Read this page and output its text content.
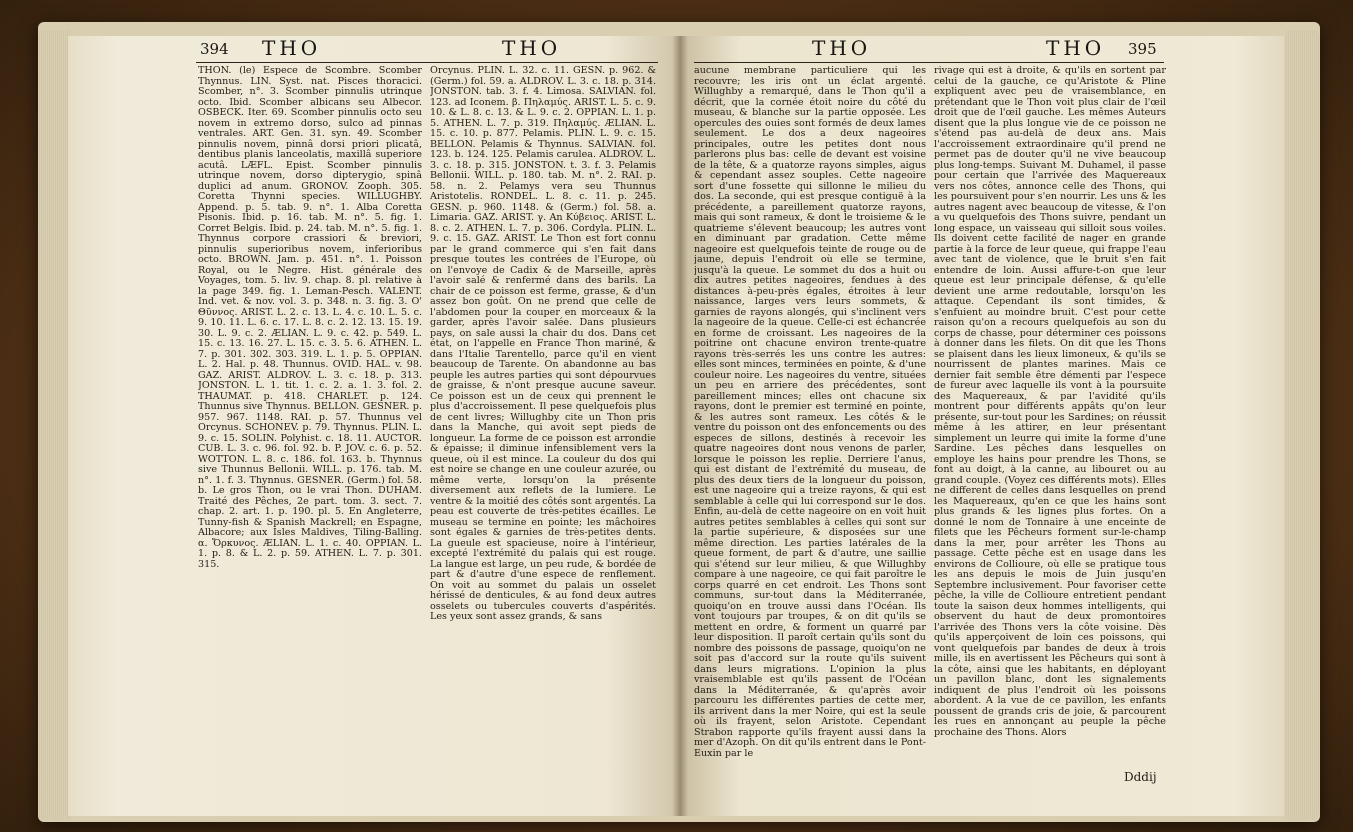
394 THO	THO

THON. (le) Espece de Scombre. Scomber Thynnus. LIN. Syst. nat. Pisces thoracici. Scomber, n°. 3. Scomber pinnulis utrinque octo. Ibid. Scomber albicans seu Albecor. OSBECK. Iter. 69. Scomber pinnulis octo seu novem in extremo dorso, sulco ad pinnas ventrales. ART. Gen. 31. syn. 49. Scomber pinnulis novem, pinnâ dorsi priori plicatâ, dentibus planis lanceolatis, maxillâ superiore acutâ. LÆFL. Epist. Scomber pinnulis utrinque novem, dorso dipterygio, spinâ duplici ad anum. GRONOV. Zooph. 305. Coretta Thynni species. WILLUGHBY. Append. p. 5. tab. 9. n°. 1. Alba Coretta Pisonis. Ibid. p. 16. tab. M. n°. 5. fig. 1. Corret Belgis. Ibid. p. 24. tab. M. n°. 5. fig. 1. Thynnus corpore crassiori & breviori, pinnulis superioribus novem, inferioribus octo. BROWN. Jam. p. 451. n°. 1. Poisson Royal, ou le Negre. Hist. générale des Voyages, tom. 5. liv. 9. chap. 8. pl. relative à la page 349. fig. 1. Leman-Pesch. VALENT. Ind. vet. & nov. vol. 3. p. 348. n. 3. fig. 3. O' Θῦννος. ARIST. L. 2. c. 13. L. 4. c. 10. L. 5. c. 9. 10. 11. L. 6. c. 17. L. 8. c. 2. 12. 13. 15. 19. 30. L. 9. c. 2. ÆLIAN. L. 9. c. 42. p. 549. L. 15. c. 13. 16. 27. L. 15. c. 3. 5. 6. ATHEN. L. 7. p. 301. 302. 303. 319. L. 1. p. 5. OPPIAN. L. 2. Hal. p. 48. Thunnus. OVID. HAL. v. 98. GAZ. ARIST. ALDROV. L. 3. c. 18. p. 313. JONSTON. L. 1. tit. 1. c. 2. a. 1. 3. fol. 2. THAUMAT. p. 418. CHARLET. p. 124. Thunnus sive Thynnus. BELLON. GESNER. p. 957. 967. 1148. RAI. p. 57. Thunnus vel Orcynus. SCHONEV. p. 79. Thynnus. PLIN. L. 9. c. 15. SOLIN. Polyhist. c. 18. 11. AUCTOR. CUB. L. 3. c. 96. fol. 92. b. P. JOV. c. 6. p. 52. WOTTON. L. 8. c. 186. fol. 163. b. Thynnus sive Thunnus Bellonii. WILL. p. 176. tab. M. n°. 1. f. 3. Thynnus. GESNER. (Germ.) fol. 58. b. Le gros Thon, ou le vrai Thon. DUHAM. Traité des Pêches, 2e part. tom. 3. sect. 7. chap. 2. art. 1. p. 190. pl. 5. En Angleterre, Tunny-fish & Spanish Mackrell; en Espagne, Albacore; aux Isles Maldives, Tiling-Balling. α. Ὄρκυνος. ÆLIAN. L. 1. c. 40. OPPIAN. L. 1. p. 8. & L. 2. p. 59. ATHEN. L. 7. p. 301. 315.

Orcynus. PLIN. L. 32. c. 11. GESN. p. 962. & (Germ.) fol. 59. a. ALDROV. L. 3. c. 18. p. 314. JONSTON. tab. 3. f. 4. Limosa. SALVIAN. fol. 123. ad Iconem. β. Πηλαμύς. ARIST. L. 5. c. 9. 10. & L. 8. c. 13. & L. 9. c. 2. OPPIAN. L. 1. p. 5. ATHEN. L. 7. p. 319. Πηλαμύς. ÆLIAN. L. 15. c. 10. p. 877. Pelamis. PLIN. L. 9. c. 15. BELLON. Pelamis & Thynnus. SALVIAN. fol. 123. b. 124. 125. Pelamis carulea. ALDROV. L. 3. c. 18. p. 315. JONSTON. t. 3. f. 3. Pelamis Bellonii. WILL. p. 180. tab. M. n°. 2. RAI. p. 58. n. 2. Pelamys vera seu Thunnus Aristotelis. RONDEL. L. 8. c. 11. p. 245. GESN. p. 960. 1148. & (Germ.) fol. 58. a. Limaria. GAZ. ARIST. γ. An Κύβειος. ARIST. L. 8. c. 2. ATHEN. L. 7. p. 306. Cordyla. PLIN. L. 9. c. 15. GAZ. ARIST. Le Thon est fort connu par le grand commerce qui s'en fait dans presque toutes les contrées de l'Europe, où on l'envoye de Cadix & de Marseille, après l'avoir salé & renfermé dans des barils. La chair de ce poisson est ferme, grasse, & d'un assez bon goût. On ne prend que celle de l'abdomen pour la couper en morceaux & la garder, après l'avoir salée. Dans plusieurs pays, on sale aussi la chair du dos. Dans cet état, on l'appelle en France Thon mariné, & dans l'Italie Tarentello, parce qu'il en vient beaucoup de Tarente. On abandonne au bas peuple les autres parties qui sont dépourvues de graisse, & n'ont presque aucune saveur. Ce poisson est un de ceux qui prennent le plus d'accroissement. Il pese quelquefois plus de cent livres; Willughby cite un Thon pris dans la Manche, qui avoit sept pieds de longueur. La forme de ce poisson est arrondie & épaisse; il diminue infensiblement vers la queue, où il est mince. La couleur du dos qui est noire se change en une couleur azurée, ou même verte, lorsqu'on la présente diversement aux reflets de la lumiere. Le ventre & la moitié des côtés sont argentés. La peau est couverte de très-petites écailles. Le museau se termine en pointe; les mâchoires sont égales & garnies de très-petites dents. La gueule est spacieuse, noire à l'intérieur, excepté l'extrémité du palais qui est rouge. La langue est large, un peu rude, & bordée de part & d'autre d'une espece de renflement. On voit au sommet du palais un osselet hérissé de denticules, & au fond deux autres osselets ou tubercules couverts d'aspérités. Les yeux sont assez grands, & sans

THO	THO 395

aucune membrane particuliere qui les recouvre; les iris ont un éclat argenté. Willughby a remarqué, dans le Thon qu'il a décrit, que la cornée étoit noire du côté du museau, & blanche sur la partie opposée. Les opercules des ouies sont formés de deux lames seulement. Le dos a deux nageoires principales, outre les petites dont nous parlerons plus bas: celle de devant est voisine de la tête, & a quatorze rayons simples, aigus & cependant assez souples. Cette nageoire sort d'une fossette qui sillonne le milieu du dos. La seconde, qui est presque contiguë à la précédente, a pareillement quatorze rayons, mais qui sont rameux, & dont le troisieme & le quatrieme s'élevent beaucoup; les autres vont en diminuant par gradation. Cette même nageoire est quelquefois teinte de rouge ou de jaune, depuis l'endroit où elle se termine, jusqu'à la queue. Le sommet du dos a huit ou dix autres petites nageoires, fendues à des distances à-peu-près égales, étroites à leur naissance, larges vers leurs sommets, & garnies de rayons alongés, qui s'inclinent vers la nageoire de la queue. Celle-ci est échancrée en forme de croissant. Les nageoires de la poitrine ont chacune environ trente-quatre rayons très-serrés les uns contre les autres: elles sont minces, terminées en pointe, & d'une couleur noire. Les nageoires du ventre, situées un peu en arriere des précédentes, sont pareillement minces; elles ont chacune six rayons, dont le premier est terminé en pointe, & les autres sont rameux. Les côtés & le ventre du poisson ont des enfoncements ou des especes de sillons, destinés à recevoir les quatre nageoires dont nous venons de parler, lorsque le poisson les replie. Derriere l'anus, qui est distant de l'extrémité du museau, de plus des deux tiers de la longueur du poisson, est une nageoire qui a treize rayons, & qui est semblable à celle qui lui correspond sur le dos. Enfin, au-delà de cette nageoire on en voit huit autres petites semblables à celles qui sont sur la partie supérieure, & disposées sur une même direction. Les parties latérales de la queue forment, de part & d'autre, une saillie qui s'étend sur leur milieu, & que Willughby compare à une nageoire, ce qui fait paroître le corps quarré en cet endroit. Les Thons sont communs, sur-tout dans la Méditerranée, quoiqu'on en trouve aussi dans l'Océan. Ils vont toujours par troupes, & on dit qu'ils se mettent en ordre, & forment un quarré par leur disposition. Il paroît certain qu'ils sont du nombre des poissons de passage, quoiqu'on ne soit pas d'accord sur la route qu'ils suivent dans leurs migrations. L'opinion la plus vraisemblable est qu'ils passent de l'Océan dans la Méditerranée, & qu'après avoir parcouru les différentes parties de cette mer, ils arrivent dans la mer Noire, qui est la seule où ils frayent, selon Aristote. Cependant Strabon rapporte qu'ils frayent aussi dans la mer d'Azoph. On dit qu'ils entrent dans le Pont-Euxin par le

rivage qui est à droite, & qu'ils en sortent par celui de la gauche, ce qu'Aristote & Pline expliquent avec peu de vraisemblance, en prétendant que le Thon voit plus clair de l'œil droit que de l'œil gauche. Les mêmes Auteurs disent que la plus longue vie de ce poisson ne s'étend pas au-delà de deux ans. Mais l'accroissement extraordinaire qu'il prend ne permet pas de douter qu'il ne vive beaucoup plus long-temps. Suivant M. Duhamel, il passe pour certain que l'arrivée des Maquereaux vers nos côtes, annonce celle des Thons, qui les poursuivent pour s'en nourrir. Les uns & les autres nagent avec beaucoup de vitesse, & l'on a vu quelquefois des Thons suivre, pendant un long espace, un vaisseau qui silloit sous voiles. Ils doivent cette facilité de nager en grande partie à la force de leur queue, qui frappe l'eau avec tant de violence, que le bruit s'en fait entendre de loin. Aussi affure-t-on que leur queue est leur principale défense, & qu'elle devient une arme redoutable, lorsqu'on les attaque. Cependant ils sont timides, & s'enfuient au moindre bruit. C'est pour cette raison qu'on a recours quelquefois au son du corps de chasse, pour déterminer ces poissons à donner dans les filets. On dit que les Thons se plaisent dans les lieux limoneux, & qu'ils se nourrissent de plantes marines. Mais ce dernier fait semble être démenti par l'espece de fureur avec laquelle ils vont à la poursuite des Maquereaux, & par l'avidité qu'ils montrent pour différents appâts qu'on leur présente, sur-tout pour les Sardines; on réussit même à les attirer, en leur présentant simplement un leurre qui imite la forme d'une Sardine. Les pêches dans lesquelles on employe les hains pour prendre les Thons, se font au doigt, à la canne, au libouret ou au grand couple. (Voyez ces différents mots). Elles ne different de celles dans lesquelles on prend les Maquereaux, qu'en ce que les hains sont plus grands & les lignes plus fortes. On a donné le nom de Tonnaire à une enceinte de filets que les Pêcheurs forment sur-le-champ dans la mer, pour arrêter les Thons au passage. Cette pêche est en usage dans les environs de Collioure, où elle se pratique tous les ans depuis le mois de Juin jusqu'en Septembre inclusivement. Pour favoriser cette pêche, la ville de Collioure entretient pendant toute la saison deux hommes intelligents, qui observent du haut de deux promontoires l'arrivée des Thons vers la côte voisine. Dès qu'ils apperçoivent de loin ces poissons, qui vont quelquefois par bandes de deux à trois mille, ils en avertissent les Pêcheurs qui sont à la côte, ainsi que les habitants, en déployant un pavillon blanc, dont les signalements indiquent de plus l'endroit où les poissons abordent. A la vue de ce pavillon, les enfants poussent de grands cris de joie, & parcourent les rues en annonçant au peuple la pêche prochaine des Thons. Alors

Dddij
